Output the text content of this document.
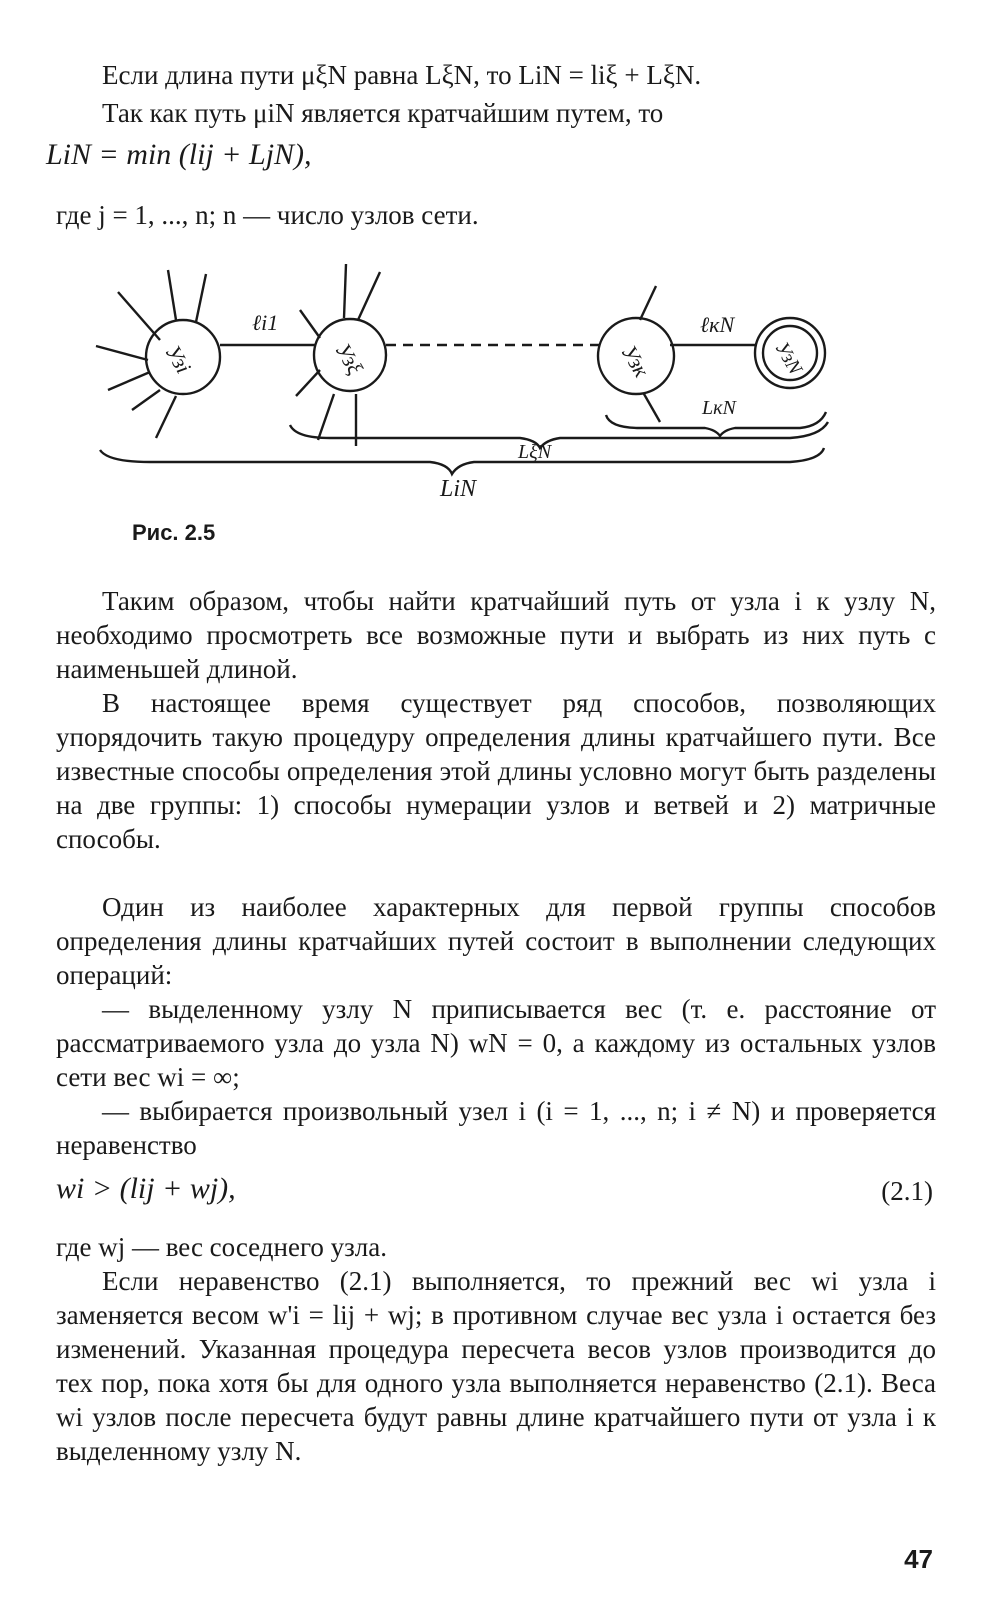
Если длина пути μξN равна LξN, то LiN = liξ + LξN.

Так как путь μiN является кратчайшим путем, то

LiN = min (lij + LjN),

где j = 1, ..., n; n — число узлов сети.

Узi	Узξ	Узк	УзN
ℓi1	ℓкN
LкN
LξN
LiN
Рис. 2.5

Таким образом, чтобы найти кратчайший путь от узла i к узлу N, необходимо просмотреть все возможные пути и выбрать из них путь с наименьшей длиной.

В настоящее время существует ряд способов, позволяющих упорядочить такую процедуру определения длины кратчайшего пути. Все известные способы определения этой длины условно могут быть разделены на две группы: 1) способы нумерации узлов и ветвей и 2) матричные способы.

Один из наиболее характерных для первой группы способов определения длины кратчайших путей состоит в выполнении следующих операций:

— выделенному узлу N приписывается вес (т. е. расстояние от рассматриваемого узла до узла N) wN = 0, а каждому из остальных узлов сети вес wi = ∞;

— выбирается произвольный узел i (i = 1, ..., n; i ≠ N) и проверяется неравенство

wi > (lij + wj),	(2.1)

где wj — вес соседнего узла.

Если неравенство (2.1) выполняется, то прежний вес wi узла i заменяется весом w'i = lij + wj; в противном случае вес узла i остается без изменений. Указанная процедура пересчета весов узлов производится до тех пор, пока хотя бы для одного узла выполняется неравенство (2.1). Веса wi узлов после пересчета будут равны длине кратчайшего пути от узла i к выделенному узлу N.

47
